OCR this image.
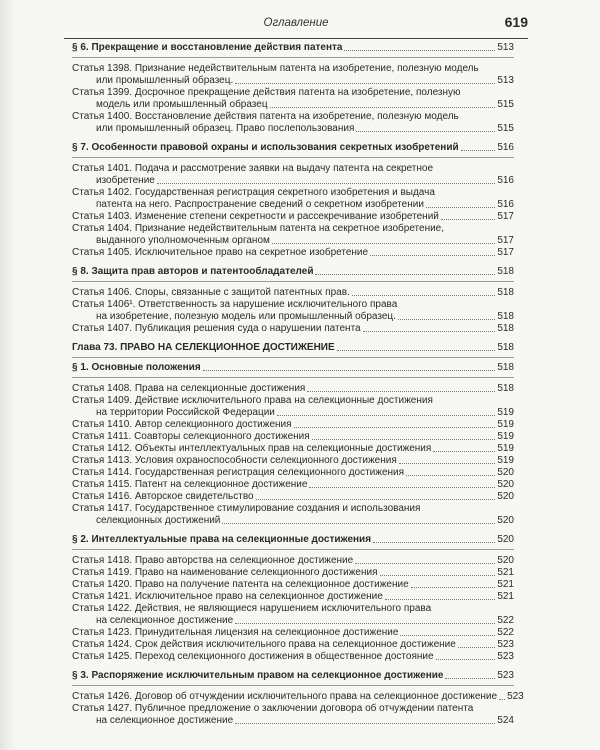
Оглавление	619
§ 6. Прекращение и восстановление действия патента	513
Статья 1398. Признание недействительным патента на изобретение, полезную модель
или промышленный образец.	513
Статья 1399. Досрочное прекращение действия патента на изобретение, полезную
модель или промышленный образец	515
Статья 1400. Восстановление действия патента на изобретение, полезную модель
или промышленный образец. Право послепользования	515
§ 7. Особенности правовой охраны и использования секретных изобретений	516
Статья 1401. Подача и рассмотрение заявки на выдачу патента на секретное
изобретение	516
Статья 1402. Государственная регистрация секретного изобретения и выдача
патента на него. Распространение сведений о секретном изобретении	516
Статья 1403. Изменение степени секретности и рассекречивание изобретений	517
Статья 1404. Признание недействительным патента на секретное изобретение,
выданного уполномоченным органом	517
Статья 1405. Исключительное право на секретное изобретение	517
§ 8. Защита прав авторов и патентообладателей	518
Статья 1406. Споры, связанные с защитой патентных прав.	518
Статья 1406¹. Ответственность за нарушение исключительного права
на изобретение, полезную модель или промышленный образец.	518
Статья 1407. Публикация решения суда о нарушении патента	518
Глава 73. ПРАВО НА СЕЛЕКЦИОННОЕ ДОСТИЖЕНИЕ	518
§ 1. Основные положения	518
Статья 1408. Права на селекционные достижения	518
Статья 1409. Действие исключительного права на селекционные достижения
на территории Российской Федерации	519
Статья 1410. Автор селекционного достижения	519
Статья 1411. Соавторы селекционного достижения	519
Статья 1412. Объекты интеллектуальных прав на селекционные достижения	519
Статья 1413. Условия охраноспособности селекционного достижения	519
Статья 1414. Государственная регистрация селекционного достижения	520
Статья 1415. Патент на селекционное достижение	520
Статья 1416. Авторское свидетельство	520
Статья 1417. Государственное стимулирование создания и использования
селекционных достижений	520
§ 2. Интеллектуальные права на селекционные достижения	520
Статья 1418. Право авторства на селекционное достижение	520
Статья 1419. Право на наименование селекционного достижения	521
Статья 1420. Право на получение патента на селекционное достижение	521
Статья 1421. Исключительное право на селекционное достижение	521
Статья 1422. Действия, не являющиеся нарушением исключительного права
на селекционное достижение	522
Статья 1423. Принудительная лицензия на селекционное достижение	522
Статья 1424. Срок действия исключительного права на селекционное достижение	523
Статья 1425. Переход селекционного достижения в общественное достояние	523
§ 3. Распоряжение исключительным правом на селекционное достижение	523
Статья 1426. Договор об отчуждении исключительного права на селекционное достижение 523
Статья 1427. Публичное предложение о заключении договора об отчуждении патента
на селекционное достижение	524
